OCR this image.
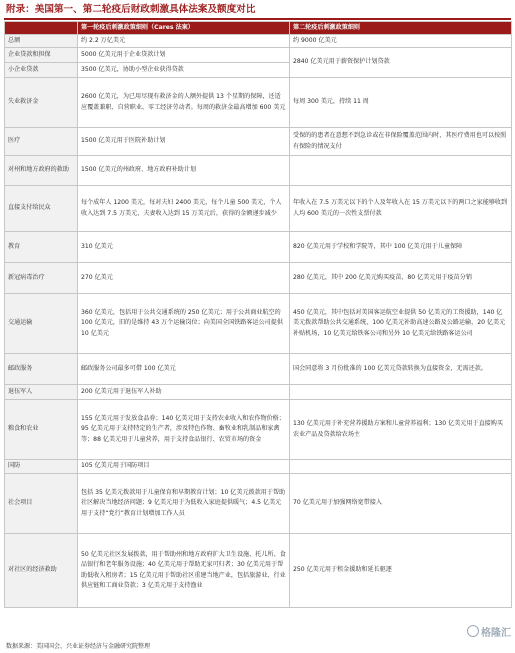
附录：美国第一、第二轮疫后财政刺激具体法案及额度对比
	第一轮疫后刺激政策细则（Cares 法案）	第二轮疫后刺激政策细则
总额	约 2.2 万亿美元	约 9000 亿美元
企业贷款和担保	5000 亿美元用于企业贷款计划	2840 亿美元用于薪资保护计划贷款
小企业贷款	3500 亿美元，协助小型企业获得贷款	
失业救济金	2600 亿美元，为已用尽现有救济金的人额外提供 13 个星期的保障，还适应覆盖兼职、自营职业、零工经济劳动者。每周的救济金最高增加 600 美元	每周 300 美元，持续 11 周
医疗	1500 亿美元用于医院补助计划	受保的的患者在意想不到急诊或在非保险覆盖范围内时，其医疗费用也可以按照有保险的情况支付
对州和地方政府的救助	1500 亿美元的州政府、地方政府补助计划	
直接支付给民众	每个成年人 1200 美元，每对夫妇 2400 美元，每个儿童 500 美元，个人收入达到 7.5 万美元，夫妻收入达到 15 万美元后，获得的金额递步减少	年收入在 7.5 万美元以下的个人及年收入在 15 万美元以下的两口之家能够收到人均 600 美元的一次性支票付款
教育	310 亿美元	820 亿美元用于学校和学院等，其中 100 亿美元用于儿童保障
新冠病毒治疗	270 亿美元	280 亿美元，其中 200 亿美元购买疫苗，80 亿美元用于疫苗分销
交通运输	360 亿美元，包括用于公共交通系统的 250 亿美元；用于公共商业航空的 100 亿美元，旧的是维持 43 万个运输岗位；向美国全国铁路客运公司提供 10 亿美元	450 亿美元，其中包括对美国客运航空业提供 50 亿美元的工资援助，140 亿美元拨款帮助公共交通系统，100 亿美元补助高速公路及公路运输，20 亿美元补贴机场，10 亿美元给铁客公司和另外 10 亿美元给铁路客运公司
邮政服务	邮政服务公司最多可借 100 亿美元	国会同意将 3 月份批准的 100 亿美元贷款转换为直接资金，无需还款。
退伍军人	200 亿美元用于退伍军人补助	
粮食和农业	155 亿美元用于发放食品券；140 亿美元用于支持农业收入和农作物价格；95 亿美元用于支持特定的生产者，涉及特色作物、畜牧业和乳制品和家禽等；88 亿美元用于儿童营养，用于支持食品银行、农贸市场的资金	130 亿美元用于补充营养援助方案和儿童营养福利；130 亿美元用于直接购买农业产品及贷款给农场主
国防	105 亿美元用于国防项目	
社会项目	包括 35 亿美元拨款用于儿童保育和早期教育计划；10 亿美元拨款用于帮助社区解决当地经济问题；9 亿美元用于为低收入家庭提供暖气；4.5 亿美元用于支持“党行”教育计划增加工作人员	70 亿美元用于加强网络宽带接入
对社区的经济救助	50 亿美元社区发展拨款，用于帮助州和地方政府扩大卫生设施、托儿所、食品银行和老年服务设施；40 亿美元用于帮助无家可归者；30 亿美元用于帮助低收入租房者；15 亿美元用于帮助社区重建当地产业，包括旅游业、行业供应链和工商业贷款；3 亿美元用于支持渔业	250 亿美元用于租金援助和延长驱逐
数据来源：美国国会、兴业证券经济与金融研究院整理
格隆汇
